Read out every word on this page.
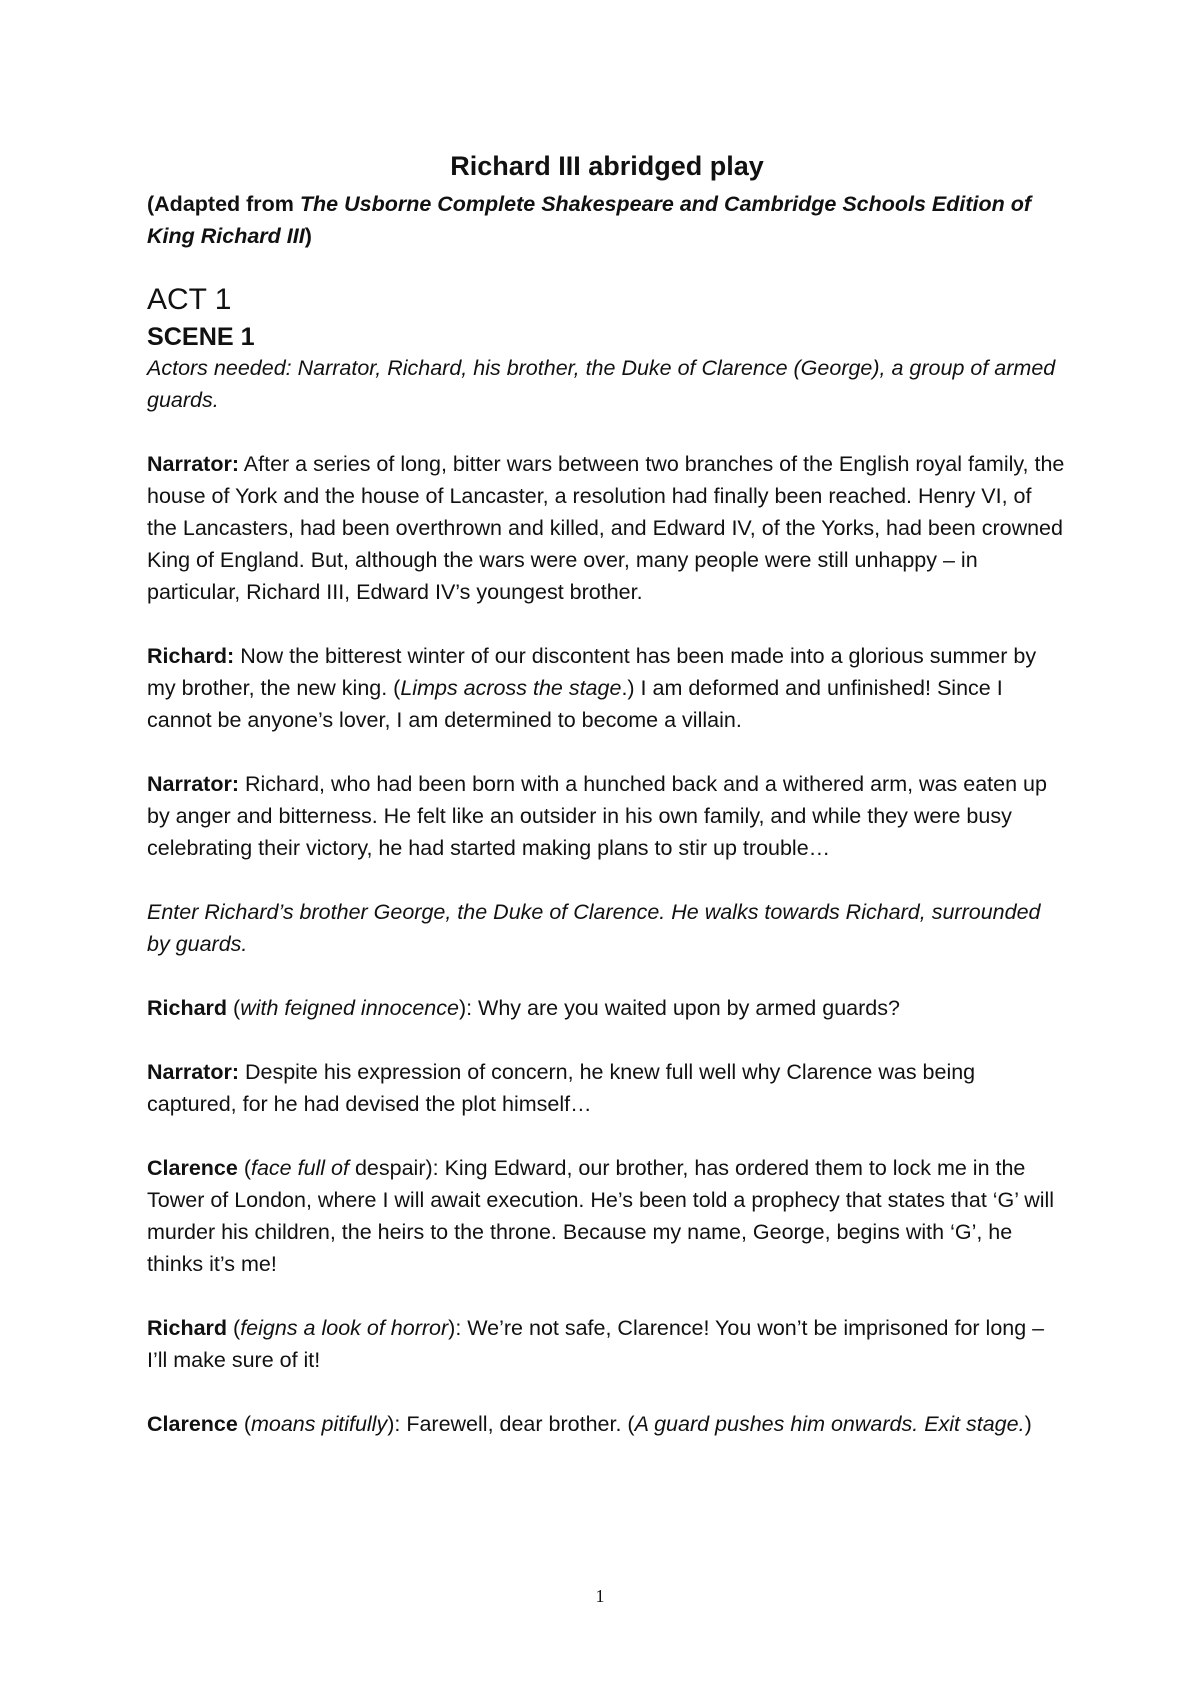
Richard III abridged play

(Adapted from The Usborne Complete Shakespeare and Cambridge Schools Edition of King Richard III)

ACT 1
SCENE 1

Actors needed: Narrator, Richard, his brother, the Duke of Clarence (George), a group of armed guards.

Narrator: After a series of long, bitter wars between two branches of the English royal family, the house of York and the house of Lancaster, a resolution had finally been reached. Henry VI, of the Lancasters, had been overthrown and killed, and Edward IV, of the Yorks, had been crowned King of England. But, although the wars were over, many people were still unhappy – in particular, Richard III, Edward IV’s youngest brother.

Richard: Now the bitterest winter of our discontent has been made into a glorious summer by my brother, the new king. (Limps across the stage.) I am deformed and unfinished! Since I cannot be anyone’s lover, I am determined to become a villain.

Narrator: Richard, who had been born with a hunched back and a withered arm, was eaten up by anger and bitterness. He felt like an outsider in his own family, and while they were busy celebrating their victory, he had started making plans to stir up trouble…

Enter Richard’s brother George, the Duke of Clarence. He walks towards Richard, surrounded by guards.

Richard (with feigned innocence): Why are you waited upon by armed guards?

Narrator: Despite his expression of concern, he knew full well why Clarence was being captured, for he had devised the plot himself…

Clarence (face full of despair): King Edward, our brother, has ordered them to lock me in the Tower of London, where I will await execution. He’s been told a prophecy that states that ‘G’ will murder his children, the heirs to the throne. Because my name, George, begins with ‘G’, he thinks it’s me!

Richard (feigns a look of horror): We’re not safe, Clarence! You won’t be imprisoned for long – I’ll make sure of it!

Clarence (moans pitifully): Farewell, dear brother. (A guard pushes him onwards. Exit stage.)

1
